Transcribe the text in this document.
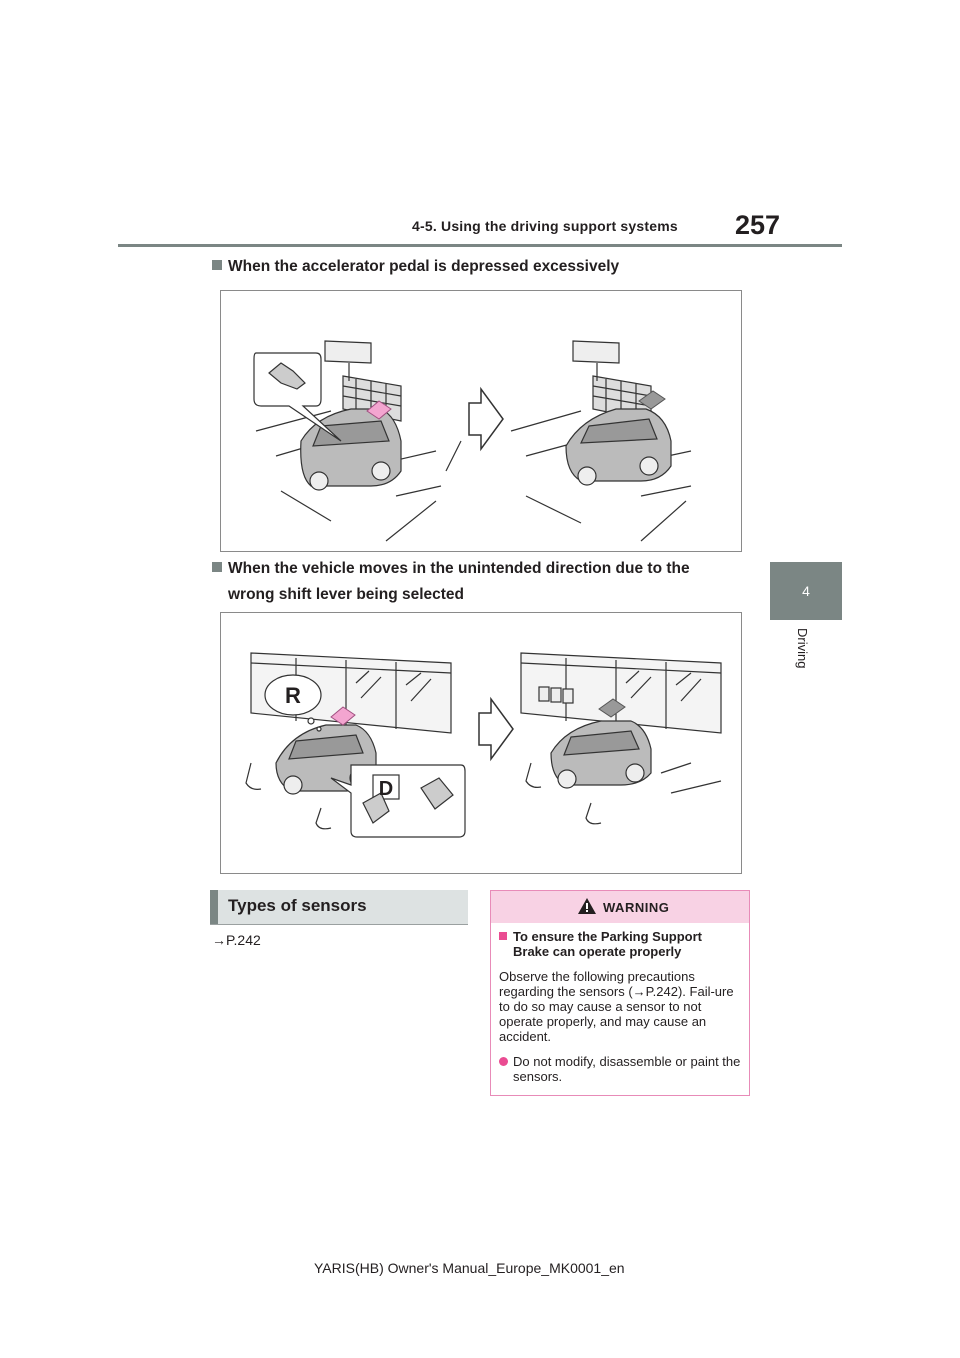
4-5. Using the driving support systems 257
4
Driving
When the accelerator pedal is depressed excessively
When the vehicle moves in the unintended direction due to the
wrong shift lever being selected
R
D
Types of sensors
→P.242
WARNING
To ensure the Parking Support Brake can operate properly
Observe the following precautions regarding the sensors (→P.242). Fail-ure to do so may cause a sensor to not operate properly, and may cause an accident.
Do not modify, disassemble or paint the sensors.
YARIS(HB) Owner's Manual_Europe_MK0001_en
